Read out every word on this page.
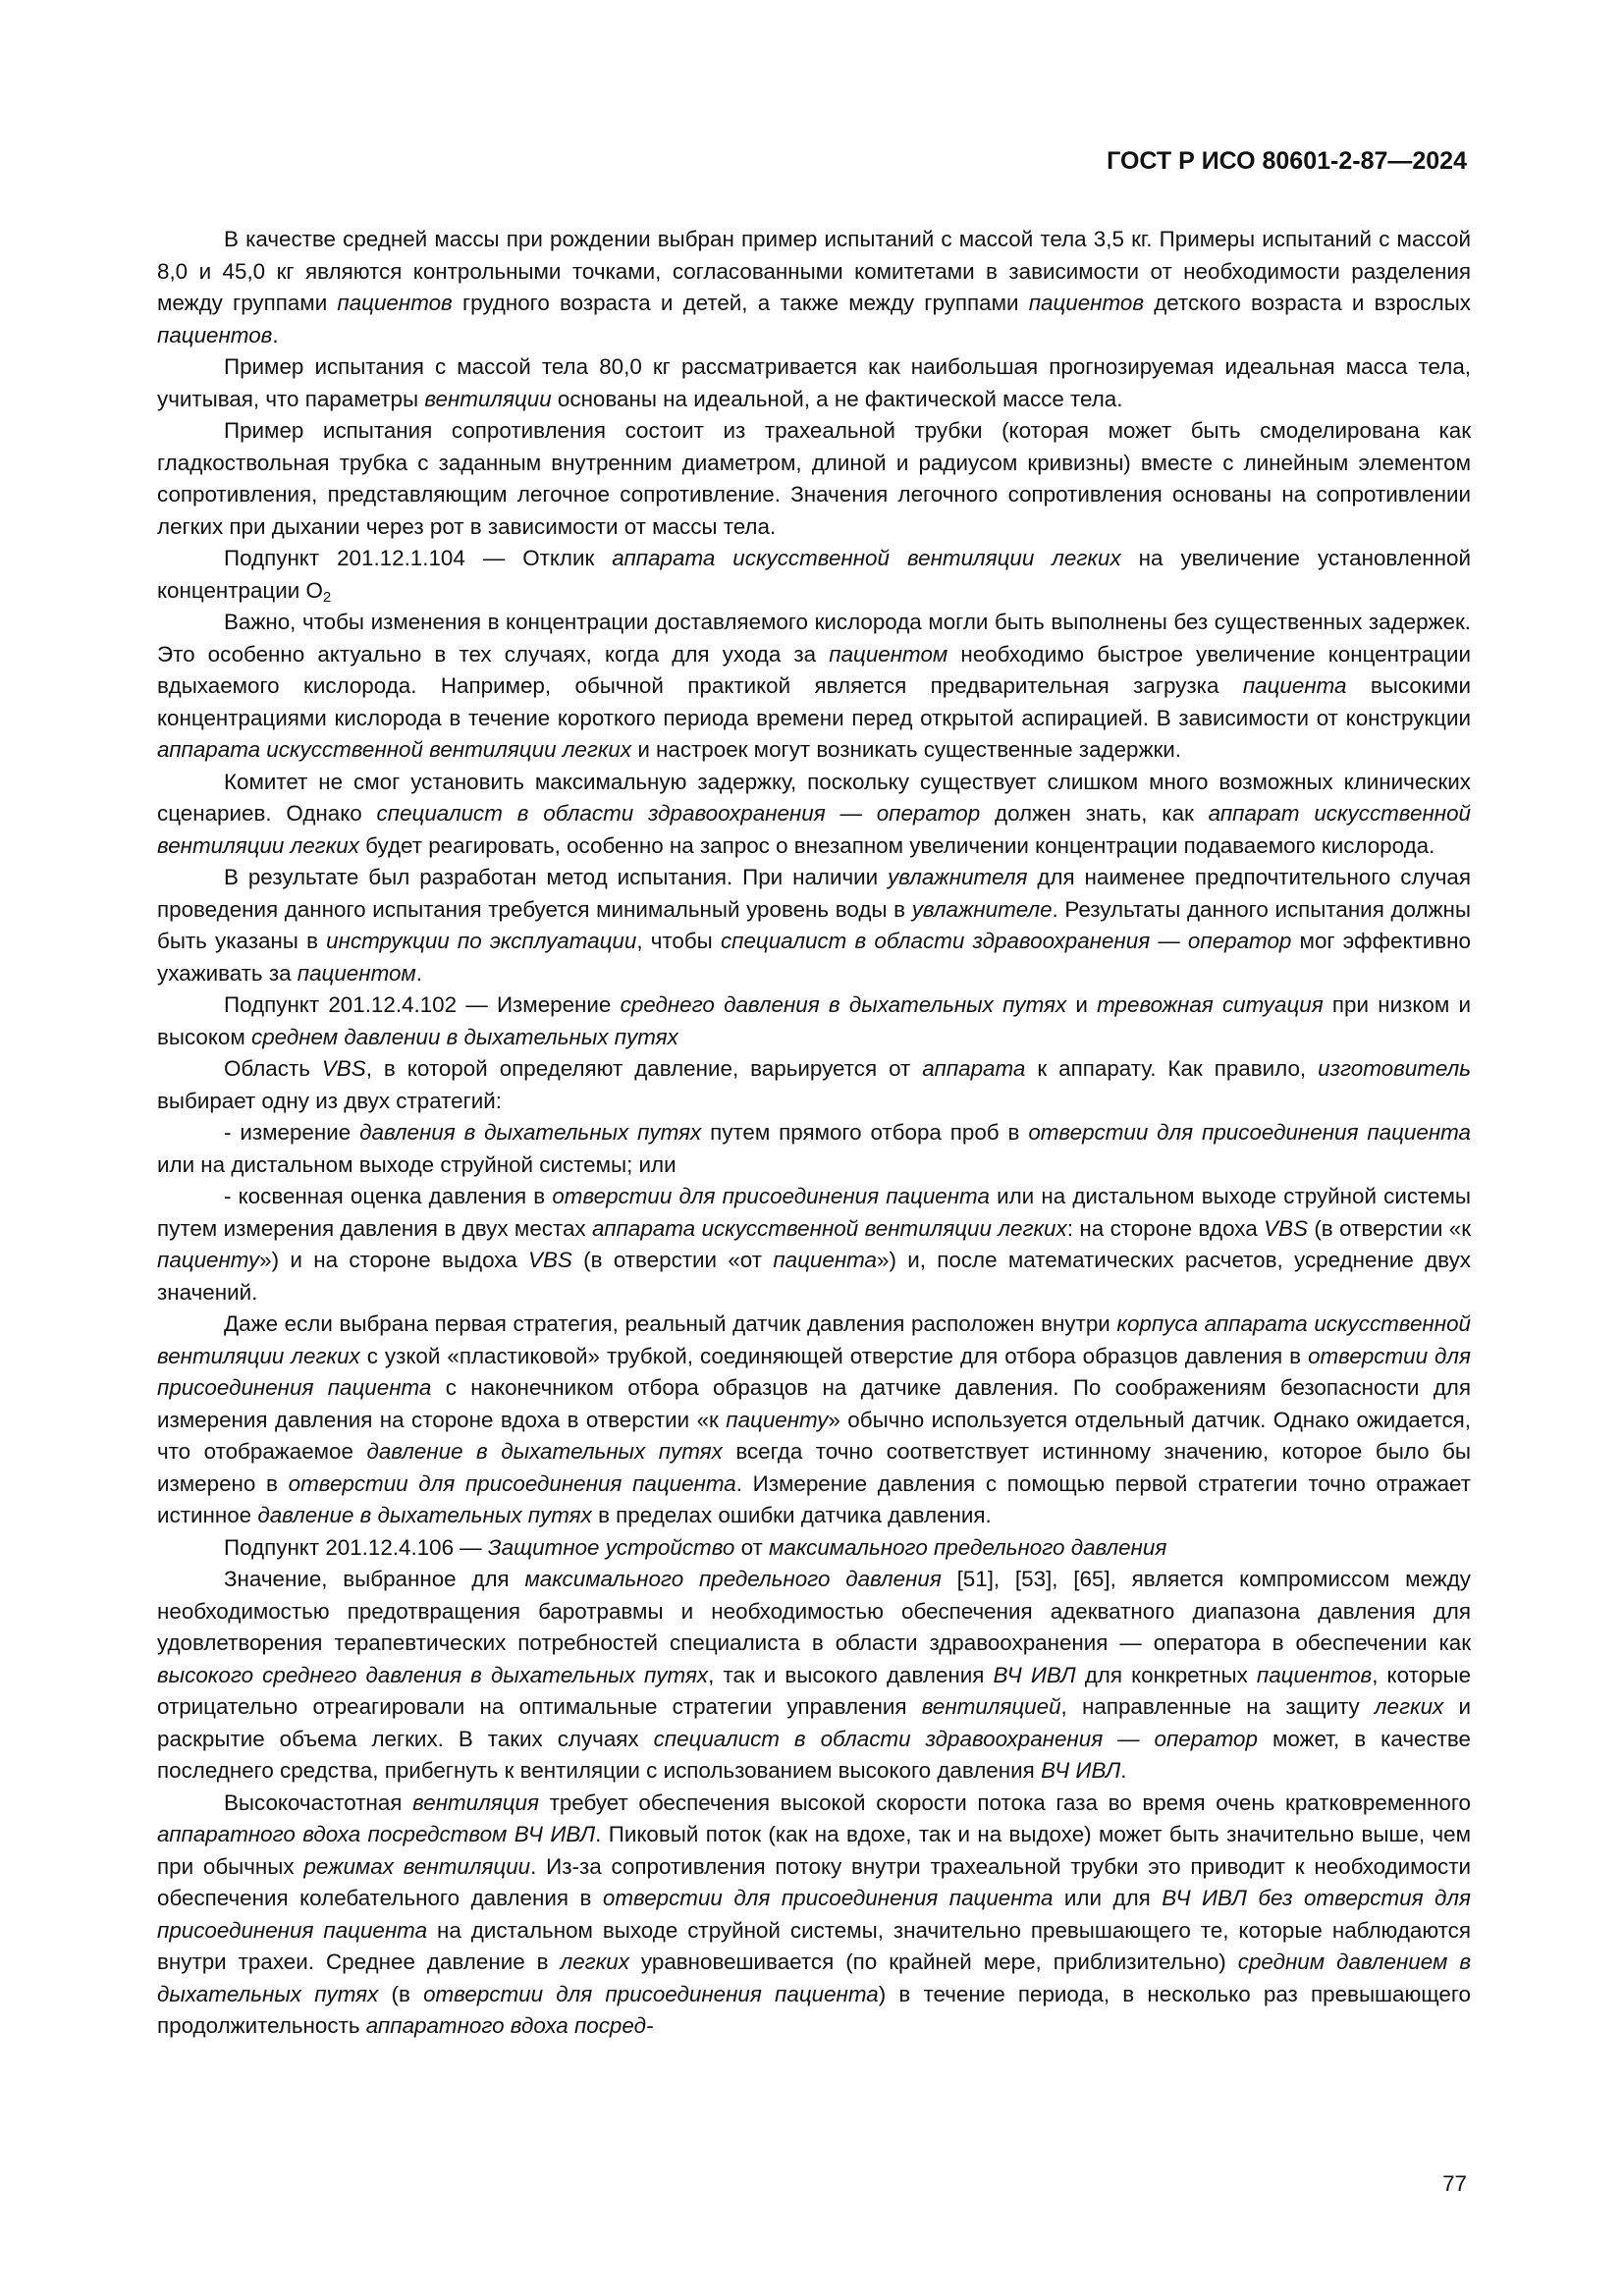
ГОСТ Р ИСО 80601-2-87—2024

В качестве средней массы при рождении выбран пример испытаний с массой тела 3,5 кг. Примеры испытаний с массой 8,0 и 45,0 кг являются контрольными точками, согласованными комитетами в зависимости от необходимости разделения между группами пациентов грудного возраста и детей, а также между группами пациентов детского возраста и взрослых пациентов.

Пример испытания с массой тела 80,0 кг рассматривается как наибольшая прогнозируемая идеальная масса тела, учитывая, что параметры вентиляции основаны на идеальной, а не фактической массе тела.

Пример испытания сопротивления состоит из трахеальной трубки (которая может быть смоделирована как гладкоствольная трубка с заданным внутренним диаметром, длиной и радиусом кривизны) вместе с линейным элементом сопротивления, представляющим легочное сопротивление. Значения легочного сопротивления основаны на сопротивлении легких при дыхании через рот в зависимости от массы тела.

Подпункт 201.12.1.104 — Отклик аппарата искусственной вентиляции легких на увеличение установленной концентрации $O_2$

Важно, чтобы изменения в концентрации доставляемого кислорода могли быть выполнены без существенных задержек. Это особенно актуально в тех случаях, когда для ухода за пациентом необходимо быстрое увеличение концентрации вдыхаемого кислорода. Например, обычной практикой является предварительная загрузка пациента высокими концентрациями кислорода в течение короткого периода времени перед открытой аспирацией. В зависимости от конструкции аппарата искусственной вентиляции легких и настроек могут возникать существенные задержки.

Комитет не смог установить максимальную задержку, поскольку существует слишком много возможных клинических сценариев. Однако специалист в области здравоохранения — оператор должен знать, как аппарат искусственной вентиляции легких будет реагировать, особенно на запрос о внезапном увеличении концентрации подаваемого кислорода.

В результате был разработан метод испытания. При наличии увлажнителя для наименее предпочтительного случая проведения данного испытания требуется минимальный уровень воды в увлажнителе. Результаты данного испытания должны быть указаны в инструкции по эксплуатации, чтобы специалист в области здравоохранения — оператор мог эффективно ухаживать за пациентом.

Подпункт 201.12.4.102 — Измерение среднего давления в дыхательных путях и тревожная ситуация при низком и высоком среднем давлении в дыхательных путях

Область VBS, в которой определяют давление, варьируется от аппарата к аппарату. Как правило, изготовитель выбирает одну из двух стратегий:

- измерение давления в дыхательных путях путем прямого отбора проб в отверстии для присоединения пациента или на дистальном выходе струйной системы; или

- косвенная оценка давления в отверстии для присоединения пациента или на дистальном выходе струйной системы путем измерения давления в двух местах аппарата искусственной вентиляции легких: на стороне вдоха VBS (в отверстии «к пациенту») и на стороне выдоха VBS (в отверстии «от пациента») и, после математических расчетов, усреднение двух значений.

Даже если выбрана первая стратегия, реальный датчик давления расположен внутри корпуса аппарата искусственной вентиляции легких с узкой «пластиковой» трубкой, соединяющей отверстие для отбора образцов давления в отверстии для присоединения пациента с наконечником отбора образцов на датчике давления. По соображениям безопасности для измерения давления на стороне вдоха в отверстии «к пациенту» обычно используется отдельный датчик. Однако ожидается, что отображаемое давление в дыхательных путях всегда точно соответствует истинному значению, которое было бы измерено в отверстии для присоединения пациента. Измерение давления с помощью первой стратегии точно отражает истинное давление в дыхательных путях в пределах ошибки датчика давления.

Подпункт 201.12.4.106 — Защитное устройство от максимального предельного давления

Значение, выбранное для максимального предельного давления [51], [53], [65], является компромиссом между необходимостью предотвращения баротравмы и необходимостью обеспечения адекватного диапазона давления для удовлетворения терапевтических потребностей специалиста в области здравоохранения — оператора в обеспечении как высокого среднего давления в дыхательных путях, так и высокого давления ВЧ ИВЛ для конкретных пациентов, которые отрицательно отреагировали на оптимальные стратегии управления вентиляцией, направленные на защиту легких и раскрытие объема легких. В таких случаях специалист в области здравоохранения — оператор может, в качестве последнего средства, прибегнуть к вентиляции с использованием высокого давления ВЧ ИВЛ.

Высокочастотная вентиляция требует обеспечения высокой скорости потока газа во время очень кратковременного аппаратного вдоха посредством ВЧ ИВЛ. Пиковый поток (как на вдохе, так и на выдохе) может быть значительно выше, чем при обычных режимах вентиляции. Из-за сопротивления потоку внутри трахеальной трубки это приводит к необходимости обеспечения колебательного давления в отверстии для присоединения пациента или для ВЧ ИВЛ без отверстия для присоединения пациента на дистальном выходе струйной системы, значительно превышающего те, которые наблюдаются внутри трахеи. Среднее давление в легких уравновешивается (по крайней мере, приблизительно) средним давлением в дыхательных путях (в отверстии для присоединения пациента) в течение периода, в несколько раз превышающего продолжительность аппаратного вдоха посред-

77
